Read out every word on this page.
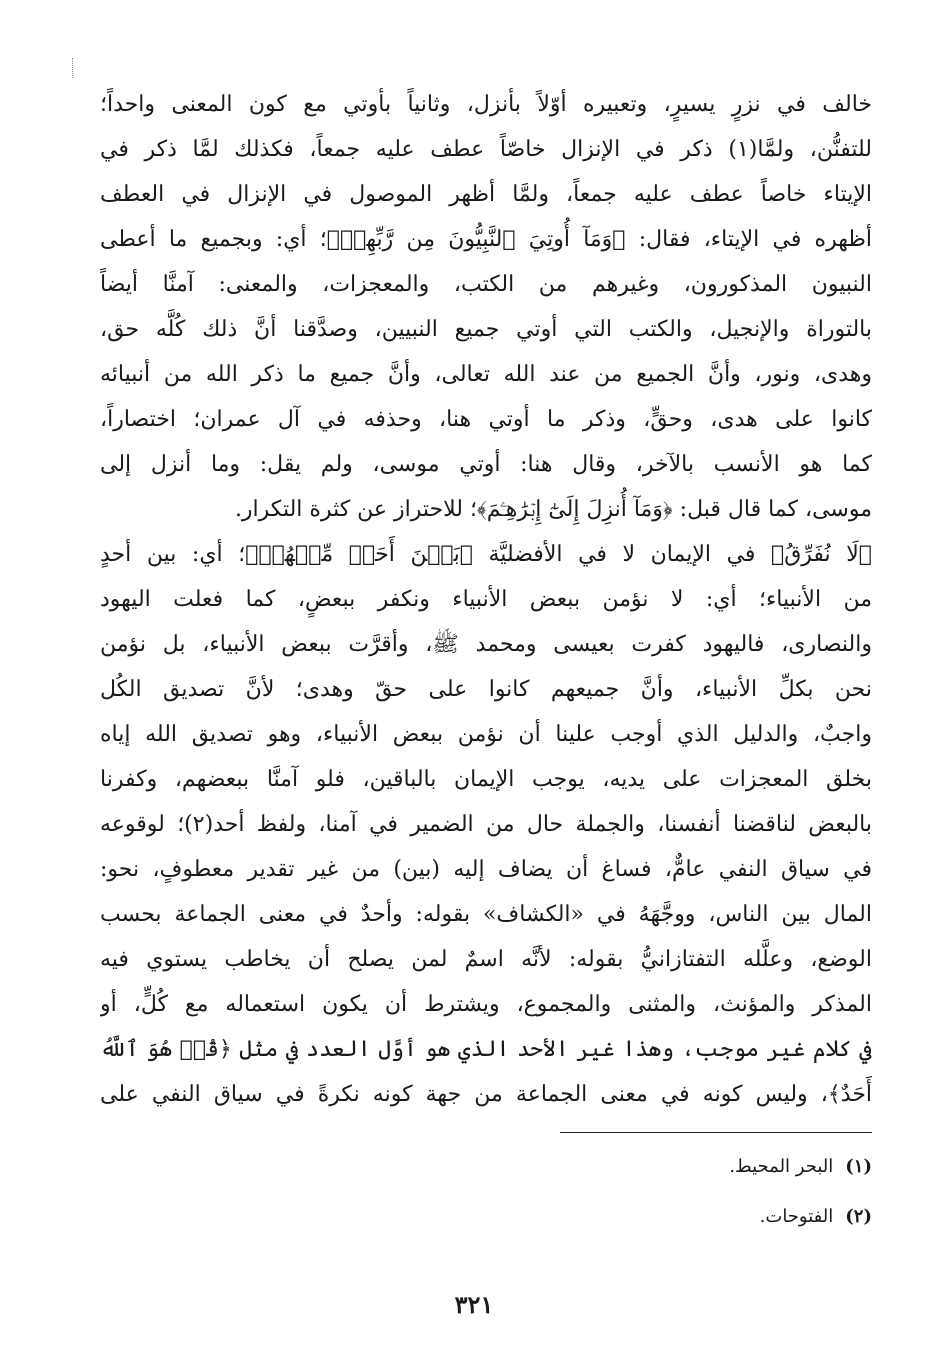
خالف في نزرٍ يسيرٍ، وتعبيره أوّلاً بأنزل، وثانياً بأوتي مع كون المعنى واحداً؛
للتفنُّن، ولمَّا(١) ذكر في الإنزال خاصّاً عطف عليه جمعاً، فكذلك لمَّا ذكر في
الإيتاء خاصاً عطف عليه جمعاً، ولمَّا أظهر الموصول في الإنزال في العطف
أظهره في الإيتاء، فقال: ﴿وَمَآ أُوتِيَ ٱلنَّبِيُّونَ مِن رَّبِّهِمۡ﴾؛ أي: وبجميع ما أعطى
النبيون المذكورون، وغيرهم من الكتب، والمعجزات، والمعنى: آمنَّا أيضاً
بالتوراة والإنجيل، والكتب التي أوتي جميع النبيين، وصدَّقنا أنَّ ذلك كُلَّه حق،
وهدى، ونور، وأنَّ الجميع من عند الله تعالى، وأنَّ جميع ما ذكر الله من أنبيائه
كانوا على هدى، وحقٍّ، وذكر ما أوتي هنا، وحذفه في آل عمران؛ اختصاراً،
كما هو الأنسب بالآخر، وقال هنا: أوتي موسى، ولم يقل: وما أنزل إلى
موسى، كما قال قبل: ﴿وَمَآ أُنزِلَ إِلَىٰٓ إِبۡرَٰهِـۧمَ﴾؛ للاحتراز عن كثرة التكرار.
﴿لَا نُفَرِّقُ﴾ في الإيمان لا في الأفضليَّة ﴿بَيۡنَ أَحَدٖ مِّنۡهُمۡ﴾؛ أي: بين أحدٍ
من الأنبياء؛ أي: لا نؤمن ببعض الأنبياء ونكفر ببعضٍ، كما فعلت اليهود
والنصارى، فاليهود كفرت بعيسى ومحمد ﷺ، وأقرَّت ببعض الأنبياء، بل نؤمن
نحن بكلِّ الأنبياء، وأنَّ جميعهم كانوا على حقّ وهدى؛ لأنَّ تصديق الكُل
واجبٌ، والدليل الذي أوجب علينا أن نؤمن ببعض الأنبياء، وهو تصديق الله إياه
بخلق المعجزات على يديه، يوجب الإيمان بالباقين، فلو آمنَّا ببعضهم، وكفرنا
بالبعض لناقضنا أنفسنا، والجملة حال من الضمير في آمنا، ولفظ أحد(٢)؛ لوقوعه
في سياق النفي عامٌّ، فساغ أن يضاف إليه (بين) من غير تقدير معطوفٍ، نحو:
المال بين الناس، ووجَّهَهُ في «الكشاف» بقوله: وأحدٌ في معنى الجماعة بحسب
الوضع، وعلَّله التفتازانيُّ بقوله: لأنَّه اسمٌ لمن يصلح أن يخاطب يستوي فيه
المذكر والمؤنث، والمثنى والمجموع، ويشترط أن يكون استعماله مع كُلٍّ، أو
في كلام غير موجب، وهذا غير الأحد الذي هو أوَّل العدد في مثل ﴿قُلۡ هُوَ ٱللَّهُ
أَحَدٌ﴾، وليس كونه في معنى الجماعة من جهة كونه نكرةً في سياق النفي على
(١)البحر المحيط.
(٢)الفتوحات.
٣٢١
